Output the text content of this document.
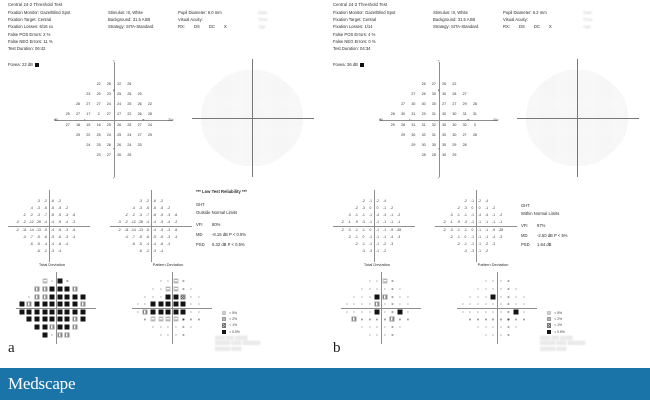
Central 24-2 Threshold Test
Fixation Monitor: Gaze/Blind Spot
Fixation Target: Central
Fixation Losses: 6/16 xx
False POS Errors: 2 %
False NEG Errors: 11 %
Test Duration: 06:42
Stimulus: III, White
Background: 31.5 ASB
Strategy: SITA-Standard
Pupil Diameter: 6.0 mm
Visual Acuity:
RX: DS DC X
Date:
Time:
Age:
Fovea: 22 dB
22 26 22 26
23 25 23 25 25 25
26 27 27 24 24 25 26 22
25 27 17 2 27 27 22 26 28
27 18 15 16 25 26 25 27 24
25 22 25 24 25 24 27 25
24 25 26 26 24 25
23 27 26 25
30	30
-3 -2 -6 -2
-4 -3 -6 -6 -5 -2
-2 -2 -3 -7 -8 -5 -3 -6
-3 -2 -12 -28 -4 -4 -9 -4 -2
-2 -11 -14 -13 -5 -4 -5 -3 -6
-4 -7 -5 -6 -5 -6 -3 -4
-6 -5 -4 -4 -6 -4
-6 -2 -3 -4
-3 -2 -6 -2
-4 -3 -6 -6 -5 -2
-2 -2 -3 -7 -8 -5 -3 -6
-3 -2 -12 -28 -4 -4 -9 -4 -2
-2 -11 -14 -13 -5 -4 -5 -3 -6
-4 -7 -5 -6 -5 -6 -3 -4
-6 -5 -4 -4 -6 -4
-6 -2 -3 -4
*** Low Test Reliability ***
GHT
Outside Normal Limits
VFI 80%
MD -8.15 dB P < 0.5%
PSD 5.32 dB P < 0.5%
Total Deviation	Pattern Deviation
< 5%
< 2%
< 1%
< 0.5%
████ ███ █████
██████ ████ ███████
██████ ████
a
Central 24-2 Threshold Test
Fixation Monitor: Gaze/Blind Spot
Fixation Target: Central
Fixation Losses: 1/14
False POS Errors: 4 %
False NEG Errors: 0 %
Test Duration: 04:34
Stimulus: III, White
Background: 31.5 ASB
Strategy: SITA-Standard
Pupil Diameter: 6.2 mm
Visual Acuity:
RX: DS DC X
Date:
Time:
Age:
Fovea: 36 dB
26 27 26 22
27 26 30 30 28 27
27 30 30 30 27 27 29 28
28 30 31 29 31 30 30 31 31
29 28 31 31 32 30 30 30 0
29 30 32 31 30 30 27 28
29 30 30 30 29 28
28 28 30 29
30	30
-2 -1 -2 -4
-2 -3 0 0 -1 -2
-3 -1 -1 -1 -4 -4 -1 -2
-2 -1 -9 -3 -1 -1 -1 -1 -1
-2 -3 -1 -1 0 -1 -1 -9 -28
-2 -1 0 -1 -1 -1 -4 -3
-2 -1 -1 -1 -2 -3
-3 -3 -1 -2
-2 -1 -2 -4
-2 -3 0 0 -1 -2
-3 -1 -1 -1 -4 -4 -1 -2
-2 -1 -9 -3 -1 -1 -1 -1 -1
-2 -3 -1 -1 0 -1 -1 -9 -28
-2 -1 0 -1 -1 -1 -4 -3
-2 -1 -1 -1 -2 -3
-3 -3 -1 -2
GHT
Within Normal Limits
VFI 97%
MD -2.50 dB P < 5%
PSD 1.64 dB
Total Deviation	Pattern Deviation
< 5%
< 2%
< 1%
< 0.5%
████ ███ █████
██████ ████ ███████
██████ ████
b
Medscape
